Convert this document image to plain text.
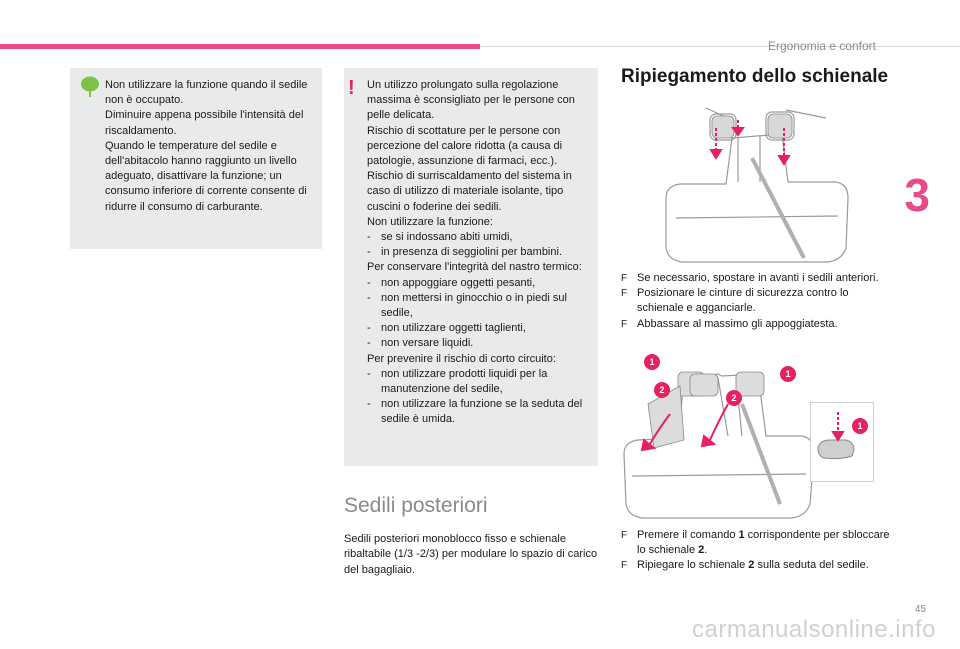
Ergonomia e confort
3

Non utilizzare la funzione quando il sedile non è occupato.

Diminuire appena possibile l'intensità del riscaldamento.

Quando le temperature del sedile e dell'abitacolo hanno raggiunto un livello adeguato, disattivare la funzione; un consumo inferiore di corrente consente di ridurre il consumo di carburante.

Un utilizzo prolungato sulla regolazione massima è sconsigliato per le persone con pelle delicata.

Rischio di scottature per le persone con percezione del calore ridotta (a causa di patologie, assunzione di farmaci, ecc.).

Rischio di surriscaldamento del sistema in caso di utilizzo di materiale isolante, tipo cuscini o foderine dei sedili.

Non utilizzare la funzione:

- se si indossano abiti umidi,
- in presenza di seggiolini per bambini.

Per conservare l'integrità del nastro termico:

- non appoggiare oggetti pesanti,
- non mettersi in ginocchio o in piedi sul sedile,
- non utilizzare oggetti taglienti,
- non versare liquidi.

Per prevenire il rischio di corto circuito:

- non utilizzare prodotti liquidi per la manutenzione del sedile,
- non utilizzare la funzione se la seduta del sedile è umida.
!
Sedili posteriori
Sedili posteriori monoblocco fisso e schienale ribaltabile (1/3 -2/3) per modulare lo spazio di carico del bagagliaio.
Ripiegamento dello schienale
F Se necessario, spostare in avanti i sedili anteriori.
F Posizionare le cinture di sicurezza contro lo schienale e agganciarle.
F Abbassare al massimo gli appoggiatesta.
1
2
1
2
1
F Premere il comando 1 corrispondente per sbloccare lo schienale 2.
F Ripiegare lo schienale 2 sulla seduta del sedile.
45
carmanualsonline.info
